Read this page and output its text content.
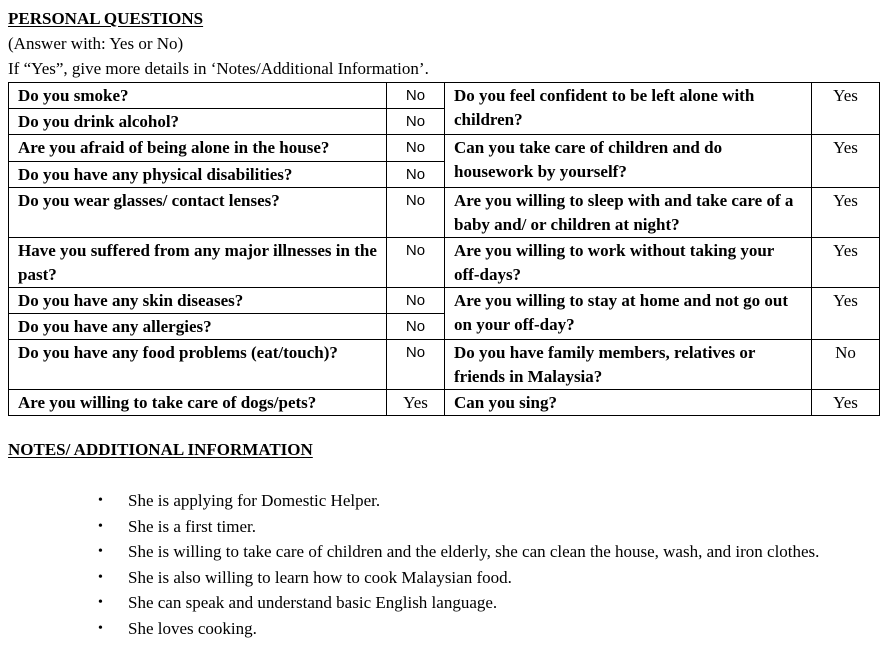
PERSONAL QUESTIONS
(Answer with: Yes or No)
If “Yes”, give more details in ‘Notes/Additional Information’.
Do you smoke?	No	Do you feel confident to be left alone with children?	Yes
Do you drink alcohol?	No		
Are you afraid of being alone in the house?	No	Can you take care of children and do housework by yourself?	Yes
Do you have any physical disabilities?	No		
Do you wear glasses/ contact lenses?	No	Are you willing to sleep with and take care of a baby and/ or children at night?	Yes
Have you suffered from any major illnesses in the past?	No	Are you willing to work without taking your off-days?	Yes
Do you have any skin diseases?	No	Are you willing to stay at home and not go out on your off-day?	Yes
Do you have any allergies?	No		
Do you have any food problems (eat/touch)?	No	Do you have family members, relatives or friends in Malaysia?	No
Are you willing to take care of dogs/pets?	Yes	Can you sing?	Yes
NOTES/ ADDITIONAL INFORMATION
• She is applying for Domestic Helper.
• She is a first timer.
• She is willing to take care of children and the elderly, she can clean the house, wash, and iron clothes.
• She is also willing to learn how to cook Malaysian food.
• She can speak and understand basic English language.
• She loves cooking.
